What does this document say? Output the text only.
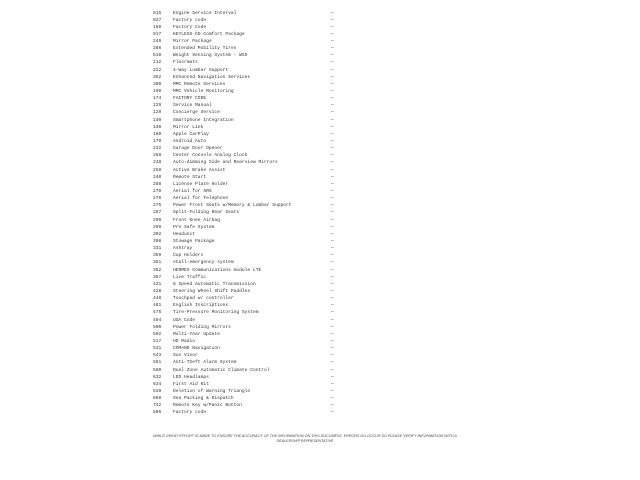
815	Engine Service Interval	—
827	Factory code	—
160	Factory Code	—
917	KEYLESS-GO Comfort Package	—
249	Mirror Package	—
266	Extended Mobility Tires	—
810	Weight Sensing System - WSS	—
212	Floormats	—
222	4-Way Lumbar Support	—
352	Enhanced Navigation Services	—
380	MMC Remote Services	—
190	MMC Vehicle Monitoring	—
174	FACTORY CODE	—
129	Service Manual	—
120	Concierge Service	—
140	Smartphone Integration	—
130	Mirror Link	—
180	Apple CarPlay	—
170	Android Auto	—
232	Garage Door Opener	—
268	Center Console Analog Clock	—
248	Auto-dimming Side and Rearview Mirrors	—
258	Active Brake Assist	—
240	Remote Start	—
288	License Plate Holder	—
270	Aerial for SRS	—
276	Aerial for Telephone	—
275	Power Front Seats w/Memory & Lumbar Support	—
287	Split-Folding Rear Seats	—
290	Front Knee Airbag	—
299	Pre Safe System	—
302	Headunit	—
308	Stowage Package	—
331	Ashtray	—
359	Cup Holders	—
351	eCall-emergency system	—
362	HERMES Communications module LTE	—
367	Live Traffic	—
421	8 Speed Automatic Transmission	—
428	Steering Wheel Shift Paddles	—
448	Touchpad w/ controller	—
481	English Inscriptions	—
475	Tire-Pressure Monitoring System	—
494	USA Code	—
500	Power Folding Mirrors	—
502	Multi-Year Update	—
517	HD Radio	—
531	COMAND Navigation	—
543	Sun Visor	—
551	Anti-Theft Alarm System	—
580	Dual Zone Automatic Climate Control	—
632	LED Headlamps	—
634	First Aid Kit	—
638	Deletion of Warning Triangle	—
668	Sea Packing & Dispatch	—
742	Remote Key w/Panic Button	—
806	Factory code	—

WHILE GREAT EFFORT IS MADE TO ENSURE THE ACCURACY OF THE INFORMATION ON THIS DOCUMENT, ERRORS DO OCCUR SO PLEASE VERIFY INFORMATION WITH A
DEALERSHIP REPRESENTATIVE
